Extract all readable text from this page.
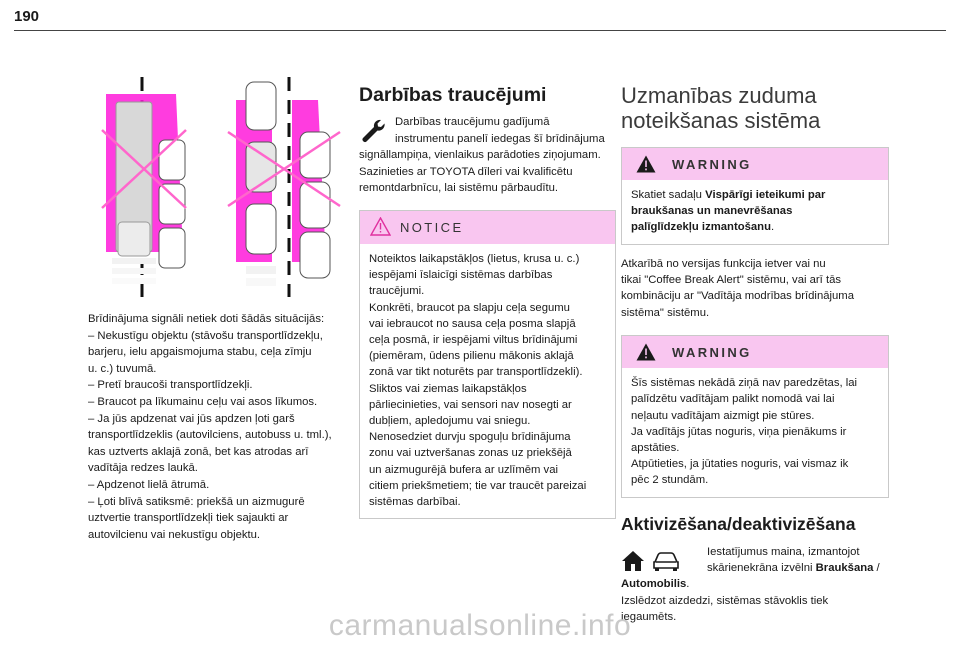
190
Brīdinājuma signāli netiek doti šādās situācijās:
– Nekustīgu objektu (stāvošu transportlīdzekļu,
barjeru, ielu apgaismojuma stabu, ceļa zīmju
u. c.) tuvumā.
– Pretī braucoši transportlīdzekļi.
– Braucot pa līkumainu ceļu vai asos līkumos.
– Ja jūs apdzenat vai jūs apdzen ļoti garš
transportlīdzeklis (autovilciens, autobuss u. tml.),
kas uztverts aklajā zonā, bet kas atrodas arī
vadītāja redzes laukā.
– Apdzenot lielā ātrumā.
– Ļoti blīvā satiksmē: priekšā un aizmugurē
uztvertie transportlīdzekļi tiek sajaukti ar
autovilcienu vai nekustīgu objektu.
Darbības traucējumi
Darbības traucējumu gadījumā
instrumentu panelī iedegas šī brīdinājuma
signāllampiņa, vienlaikus parādoties ziņojumam.
Sazinieties ar TOYOTA dīleri vai kvalificētu
remontdarbnīcu, lai sistēmu pārbaudītu.
NOTICE
Noteiktos laikapstākļos (lietus, krusa u. c.)
iespējami īslaicīgi sistēmas darbības
traucējumi.
Konkrēti, braucot pa slapju ceļa segumu
vai iebraucot no sausa ceļa posma slapjā
ceļa posmā, ir iespējami viltus brīdinājumi
(piemēram, ūdens pilienu mākonis aklajā
zonā var tikt noturēts par transportlīdzekli).
Sliktos vai ziemas laikapstākļos
pārliecinieties, vai sensori nav nosegti ar
dubļiem, apledojumu vai sniegu.
Nenosedziet durvju spoguļu brīdinājuma
zonu vai uztveršanas zonas uz priekšējā
un aizmugurējā bufera ar uzlīmēm vai
citiem priekšmetiem; tie var traucēt pareizai
sistēmas darbībai.
Uzmanības zuduma
noteikšanas sistēma
WARNING
Skatiet sadaļu Vispārīgi ieteikumi par
braukšanas un manevrēšanas
palīglīdzekļu izmantošanu.
Atkarībā no versijas funkcija ietver vai nu
tikai "Coffee Break Alert" sistēmu, vai arī tās
kombināciju ar "Vadītāja modrības brīdinājuma
sistēma" sistēmu.
WARNING
Šīs sistēmas nekādā ziņā nav paredzētas, lai
palīdzētu vadītājam palikt nomodā vai lai
neļautu vadītājam aizmigt pie stūres.
Ja vadītājs jūtas noguris, viņa pienākums ir
apstāties.
Atpūtieties, ja jūtaties noguris, vai vismaz ik
pēc 2 stundām.
Aktivizēšana/deaktivizēšana
Iestatījumus maina, izmantojot
skārienekrāna izvēlni Braukšana /
Automobilis.
Izslēdzot aizdedzi, sistēmas stāvoklis tiek
iegaumēts.
carmanualsonline.info
